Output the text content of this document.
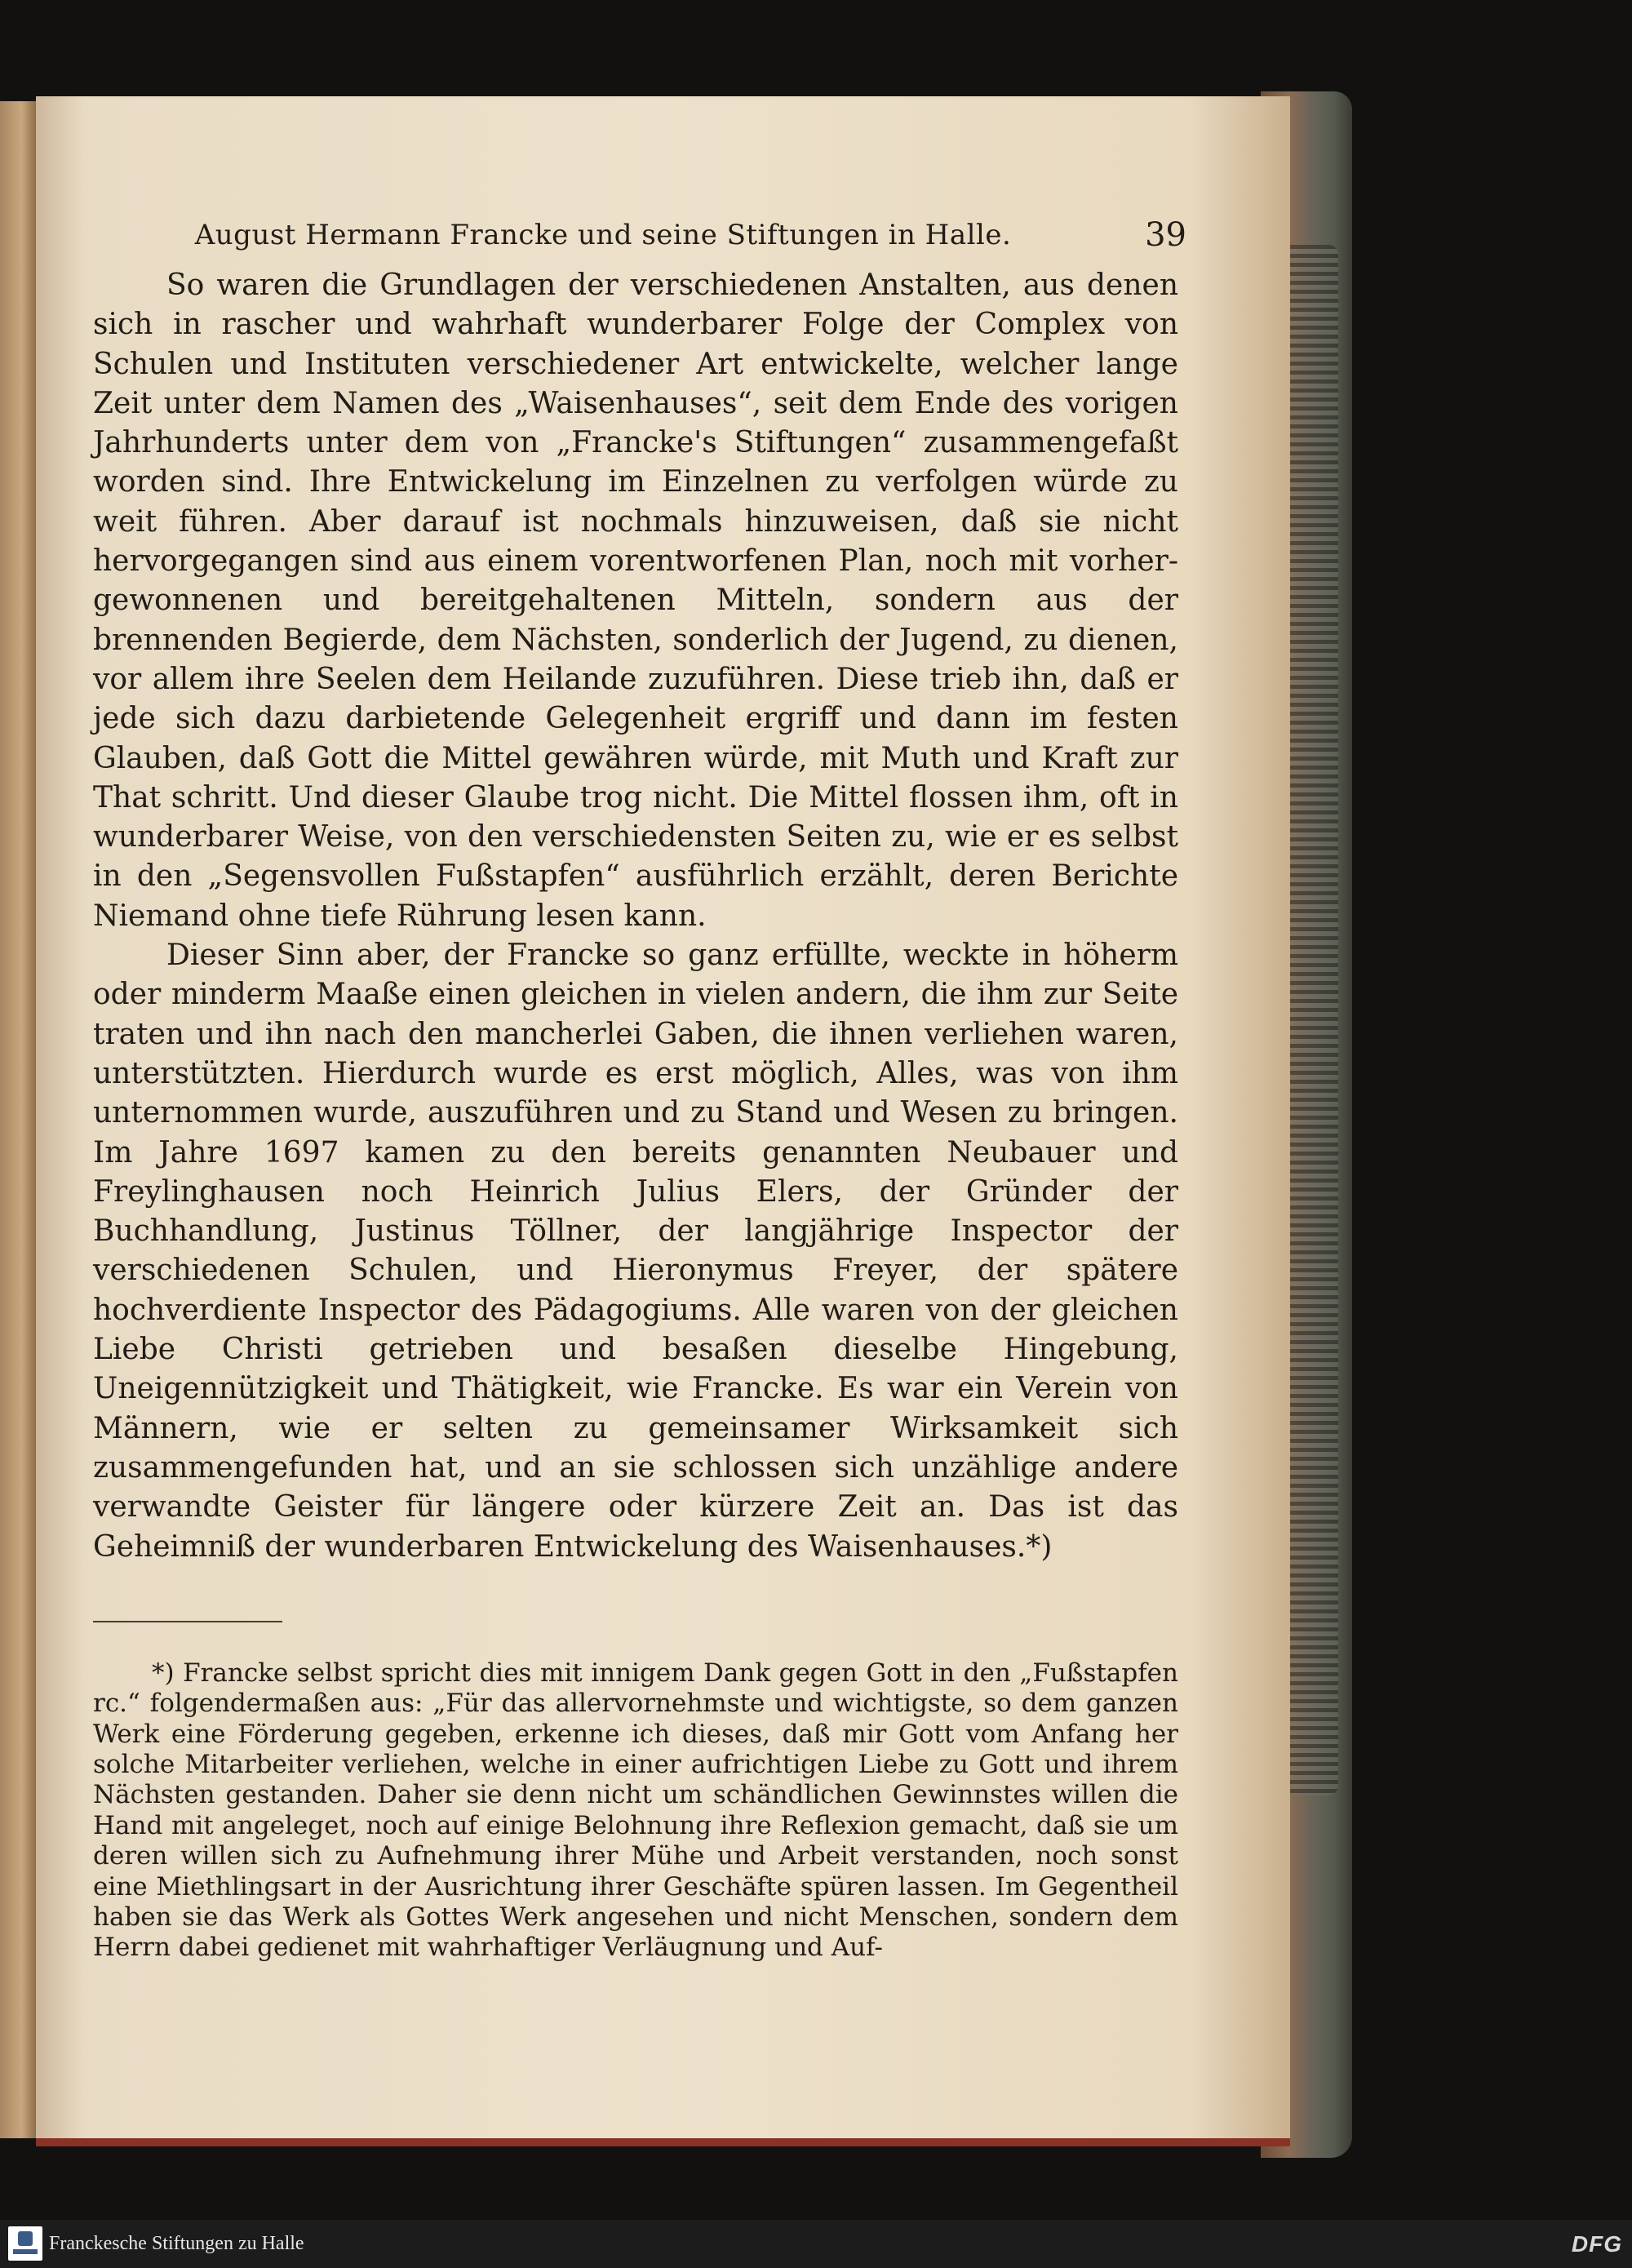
August Hermann Francke und seine Stiftungen in Halle.	39

So waren die Grundlagen der verschiedenen Anstalten, aus denen sich in rascher und wahrhaft wunderbarer Folge der Complex von Schulen und Instituten verschiedener Art entwickelte, welcher lange Zeit unter dem Namen des „Waisenhauses“, seit dem Ende des vorigen Jahrhunderts unter dem von „Francke's Stiftungen“ zusammengefaßt worden sind. Ihre Entwickelung im Einzelnen zu verfolgen würde zu weit führen. Aber darauf ist nochmals hinzuweisen, daß sie nicht hervorgegangen sind aus einem vorentworfenen Plan, noch mit vorher-gewonnenen und bereitgehaltenen Mitteln, sondern aus der brennenden Begierde, dem Nächsten, sonderlich der Jugend, zu dienen, vor allem ihre Seelen dem Heilande zuzuführen. Diese trieb ihn, daß er jede sich dazu darbietende Gelegenheit ergriff und dann im festen Glauben, daß Gott die Mittel gewähren würde, mit Muth und Kraft zur That schritt. Und dieser Glaube trog nicht. Die Mittel flossen ihm, oft in wunderbarer Weise, von den verschiedensten Seiten zu, wie er es selbst in den „Segensvollen Fußstapfen“ ausführlich erzählt, deren Berichte Niemand ohne tiefe Rührung lesen kann.

Dieser Sinn aber, der Francke so ganz erfüllte, weckte in höherm oder minderm Maaße einen gleichen in vielen andern, die ihm zur Seite traten und ihn nach den mancherlei Gaben, die ihnen verliehen waren, unterstützten. Hierdurch wurde es erst möglich, Alles, was von ihm unternommen wurde, auszuführen und zu Stand und Wesen zu bringen. Im Jahre 1697 kamen zu den bereits genannten Neubauer und Freylinghausen noch Heinrich Julius Elers, der Gründer der Buchhandlung, Justinus Töllner, der langjährige Inspector der verschiedenen Schulen, und Hieronymus Freyer, der spätere hochverdiente Inspector des Pädagogiums. Alle waren von der gleichen Liebe Christi getrieben und besaßen dieselbe Hingebung, Uneigennützigkeit und Thätigkeit, wie Francke. Es war ein Verein von Männern, wie er selten zu gemeinsamer Wirksamkeit sich zusammengefunden hat, und an sie schlossen sich unzählige andere verwandte Geister für längere oder kürzere Zeit an. Das ist das Geheimniß der wunderbaren Entwickelung des Waisenhauses.*)

*) Francke selbst spricht dies mit innigem Dank gegen Gott in den „Fußstapfen rc.“ folgendermaßen aus: „Für das allervornehmste und wichtigste, so dem ganzen Werk eine Förderung gegeben, erkenne ich dieses, daß mir Gott vom Anfang her solche Mitarbeiter verliehen, welche in einer aufrichtigen Liebe zu Gott und ihrem Nächsten gestanden. Daher sie denn nicht um schändlichen Gewinnstes willen die Hand mit angeleget, noch auf einige Belohnung ihre Reflexion gemacht, daß sie um deren willen sich zu Aufnehmung ihrer Mühe und Arbeit verstanden, noch sonst eine Miethlingsart in der Ausrichtung ihrer Geschäfte spüren lassen. Im Gegentheil haben sie das Werk als Gottes Werk angesehen und nicht Menschen, sondern dem Herrn dabei gedienet mit wahrhaftiger Verläugnung und Auf-
Franckesche Stiftungen zu Halle	DFG
